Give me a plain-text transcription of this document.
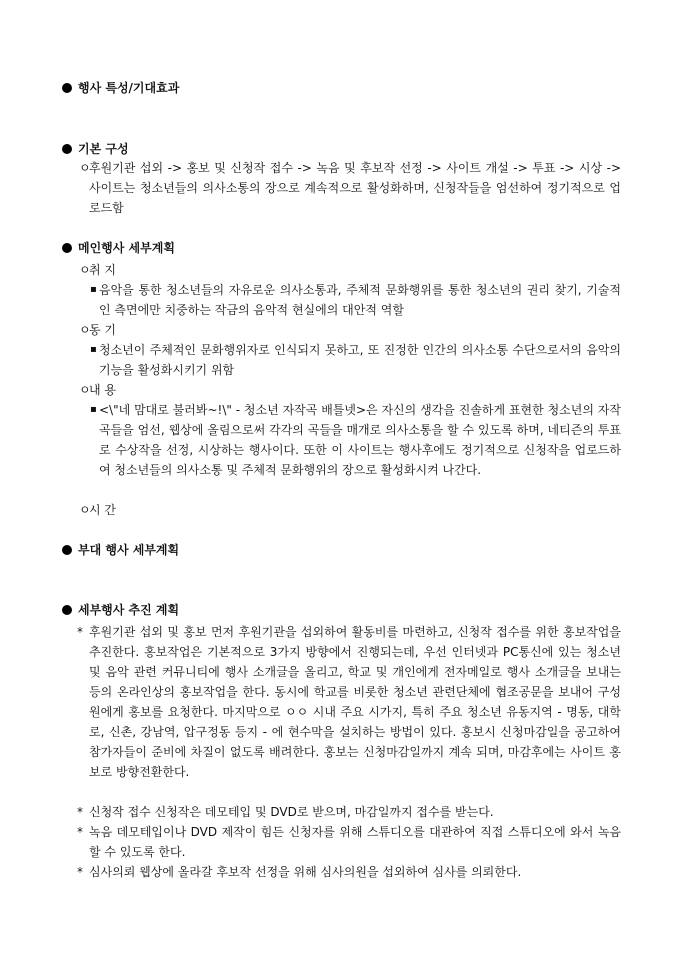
행사 특성/기대효과
기본 구성
ㅇ
후원기관 섭외 -> 홍보 및 신청작 접수 -> 녹음 및 후보작 선정 -> 사이트 개설 -> 투표 -> 시상 -> 사이트는 청소년들의 의사소통의 장으로 계속적으로 활성화하며, 신청작들을 엄선하여 정기적으로 업로드함
메인행사 세부계획
ㅇ
취 지
▪ 음악을 통한 청소년들의 자유로운 의사소통과, 주체적 문화행위를 통한 청소년의 권리 찾기, 기술적인 측면에만 치중하는 작금의 음악적 현실에의 대안적 역할
ㅇ
동 기
▪ 청소년이 주체적인 문화행위자로 인식되지 못하고, 또 진정한 인간의 의사소통 수단으로서의 음악의 기능을 활성화시키기 위함
ㅇ
내 용
▪ <\"네 맘대로 불러봐~!\" - 청소년 자작곡 배틀넷>은 자신의 생각을 진솔하게 표현한 청소년의 자작곡들을 엄선, 웹상에 올림으로써 각각의 곡들을 매개로 의사소통을 할 수 있도록 하며, 네티즌의 투표로 수상작을 선정, 시상하는 행사이다. 또한 이 사이트는 행사후에도 정기적으로 신청작을 업로드하여 청소년들의 의사소통 및 주체적 문화행위의 장으로 활성화시켜 나간다.
ㅇ
시 간
부대 행사 세부계획
세부행사 추진 계획
* 후원기관 섭외 및 홍보 먼저 후원기관을 섭외하여 활동비를 마련하고, 신청작 접수를 위한 홍보작업을 추진한다. 홍보작업은 기본적으로 3가지 방향에서 진행되는데, 우선 인터넷과 PC통신에 있는 청소년 및 음악 관련 커뮤니티에 행사 소개글을 올리고, 학교 및 개인에게 전자메일로 행사 소개글을 보내는 등의 온라인상의 홍보작업을 한다. 동시에 학교를 비롯한 청소년 관련단체에 협조공문을 보내어 구성원에게 홍보를 요청한다. 마지막으로 ㅇㅇ 시내 주요 시가지, 특히 주요 청소년 유동지역 - 명동, 대학로, 신촌, 강남역, 압구정동 등지 - 에 현수막을 설치하는 방법이 있다. 홍보시 신청마감일을 공고하여 참가자들이 준비에 차질이 없도록 배려한다. 홍보는 신청마감일까지 계속 되며, 마감후에는 사이트 홍보로 방향전환한다.
* 신청작 접수 신청작은 데모테입 및 DVD로 받으며, 마감일까지 접수를 받는다.
* 녹음 데모테입이나 DVD 제작이 힘든 신청자를 위해 스튜디오를 대관하여 직접 스튜디오에 와서 녹음할 수 있도록 한다.
* 심사의뢰 웹상에 올라갈 후보작 선정을 위해 심사의원을 섭외하여 심사를 의뢰한다.
